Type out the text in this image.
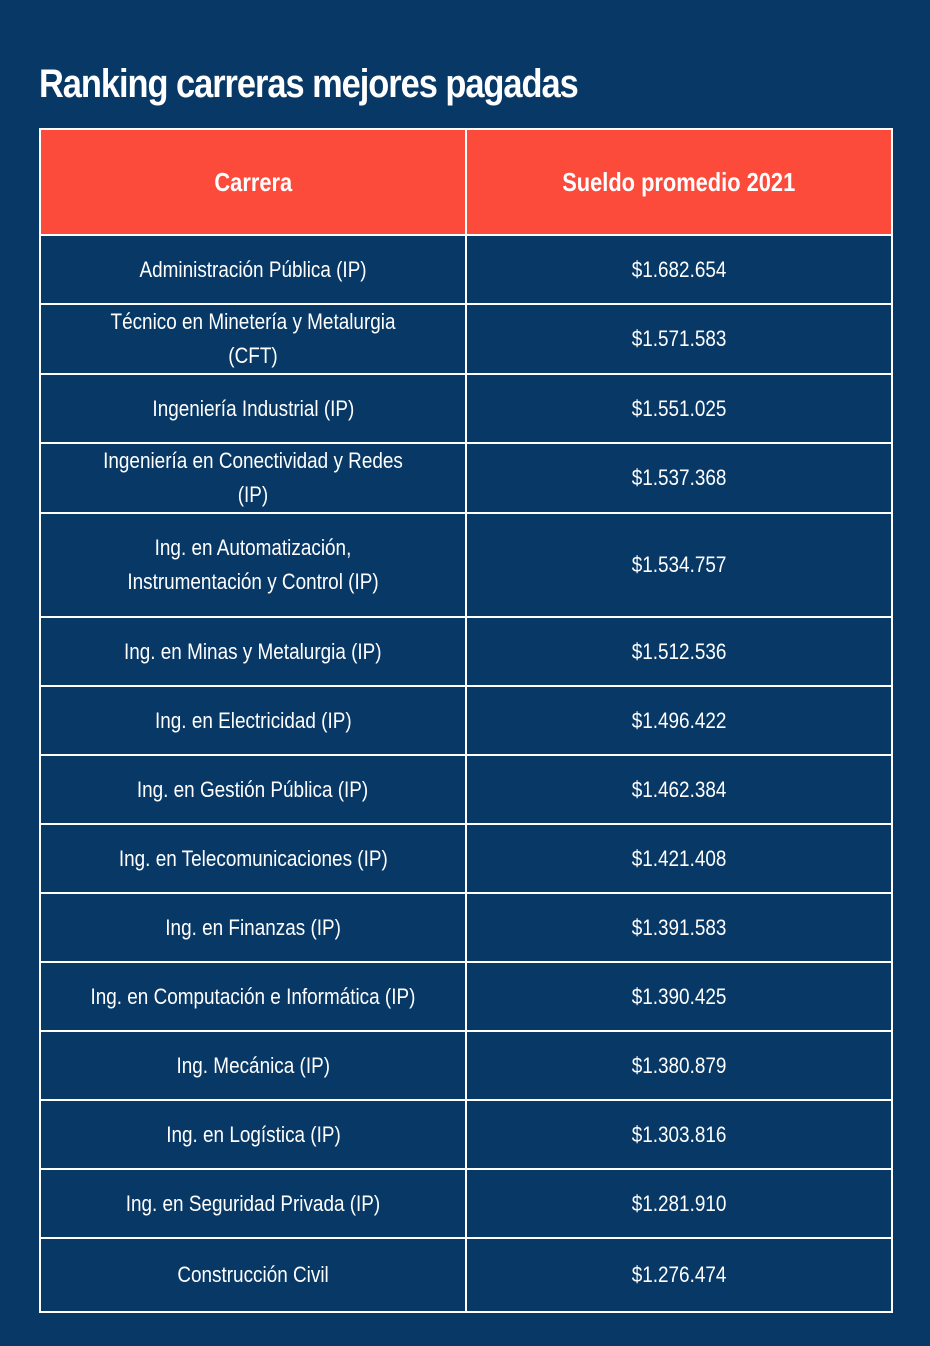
Ranking carreras mejores pagadas
Carrera	Sueldo promedio 2021
Administración Pública (IP)	$1.682.654
Técnico en Minetería y Metalurgia (CFT)	$1.571.583
Ingeniería Industrial (IP)	$1.551.025
Ingeniería en Conectividad y Redes (IP)	$1.537.368
Ing. en Automatización, Instrumentación y Control (IP)	$1.534.757
Ing. en Minas y Metalurgia (IP)	$1.512.536
Ing. en Electricidad (IP)	$1.496.422
Ing. en Gestión Pública (IP)	$1.462.384
Ing. en Telecomunicaciones (IP)	$1.421.408
Ing. en Finanzas (IP)	$1.391.583
Ing. en Computación e Informática (IP)	$1.390.425
Ing. Mecánica (IP)	$1.380.879
Ing. en Logística (IP)	$1.303.816
Ing. en Seguridad Privada (IP)	$1.281.910
Construcción Civil	$1.276.474
